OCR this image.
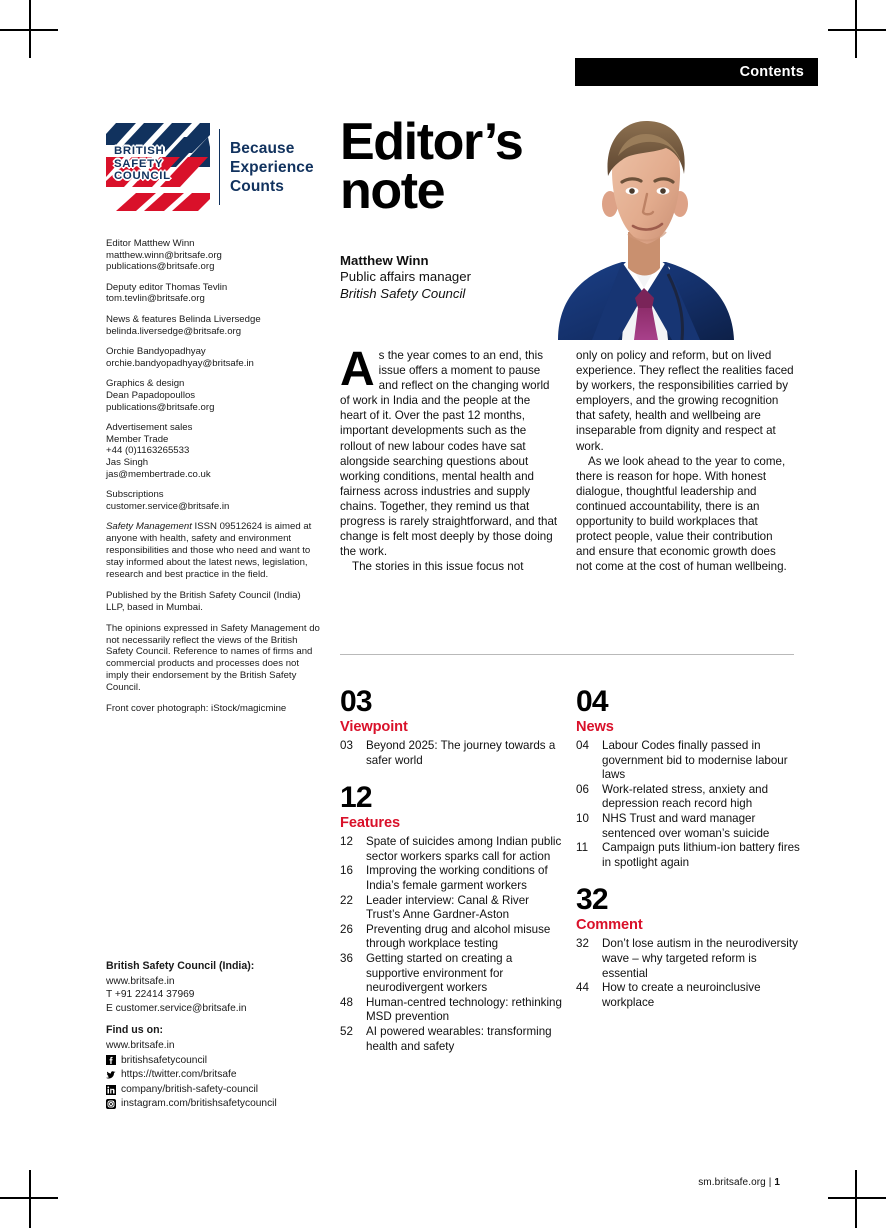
Contents
BRITISH
SAFETY
COUNCIL
Because
Experience
Counts
Editor’s
note
Matthew Winn
Public affairs manager
British Safety Council

As the year comes to an end, this issue offers a moment to pause and reflect on the changing world of work in India and the people at the heart of it. Over the past 12 months, important developments such as the rollout of new labour codes have sat alongside searching questions about working conditions, mental health and fairness across industries and supply chains. Together, they remind us that progress is rarely straightforward, and that change is felt most deeply by those doing the work.

The stories in this issue focus not

only on policy and reform, but on lived experience. They reflect the realities faced by workers, the responsibilities carried by employers, and the growing recognition that safety, health and wellbeing are inseparable from dignity and respect at work.

As we look ahead to the year to come, there is reason for hope. With honest dialogue, thoughtful leadership and continued accountability, there is an opportunity to build workplaces that protect people, value their contribution and ensure that economic growth does not come at the cost of human wellbeing.

03
Viewpoint
03	Beyond 2025: The journey towards a safer world
12
Features
12	Spate of suicides among Indian public sector workers sparks call for action
16	Improving the working conditions of India’s female garment workers
22	Leader interview: Canal & River Trust’s Anne Gardner-Aston
26	Preventing drug and alcohol misuse through workplace testing
36	Getting started on creating a supportive environment for neurodivergent workers
48	Human-centred technology: rethinking MSD prevention
52	AI powered wearables: transforming health and safety
04
News
04	Labour Codes finally passed in government bid to modernise labour laws
06	Work-related stress, anxiety and depression reach record high
10	NHS Trust and ward manager sentenced over woman’s suicide
11	Campaign puts lithium-ion battery fires in spotlight again
32
Comment
32	Don’t lose autism in the neurodiversity wave – why targeted reform is essential
44	How to create a neuroinclusive workplace
Editor Matthew Winn
matthew.winn@britsafe.org
publications@britsafe.org
Deputy editor Thomas Tevlin
tom.tevlin@britsafe.org
News & features Belinda Liversedge
belinda.liversedge@britsafe.org
Orchie Bandyopadhyay
orchie.bandyopadhyay@britsafe.in
Graphics & design
Dean Papadopoullos
publications@britsafe.org
Advertisement sales
Member Trade
+44 (0)1163265533
Jas Singh
jas@membertrade.co.uk
Subscriptions
customer.service@britsafe.in
Safety Management ISSN 09512624 is aimed at anyone with health, safety and environment responsibilities and those who need and want to stay informed about the latest news, legislation, research and best practice in the field.
Published by the British Safety Council (India) LLP, based in Mumbai.
The opinions expressed in Safety Management do not necessarily reflect the views of the British Safety Council. Reference to names of firms and commercial products and processes does not imply their endorsement by the British Safety Council.
Front cover photograph: iStock/magicmine
British Safety Council (India):
www.britsafe.in
T +91 22414 37969
E customer.service@britsafe.in
Find us on:
www.britsafe.in
britishsafetycouncil
https://twitter.com/britsafe
company/british-safety-council
instagram.com/britishsafetycouncil
sm.britsafe.org | 1
